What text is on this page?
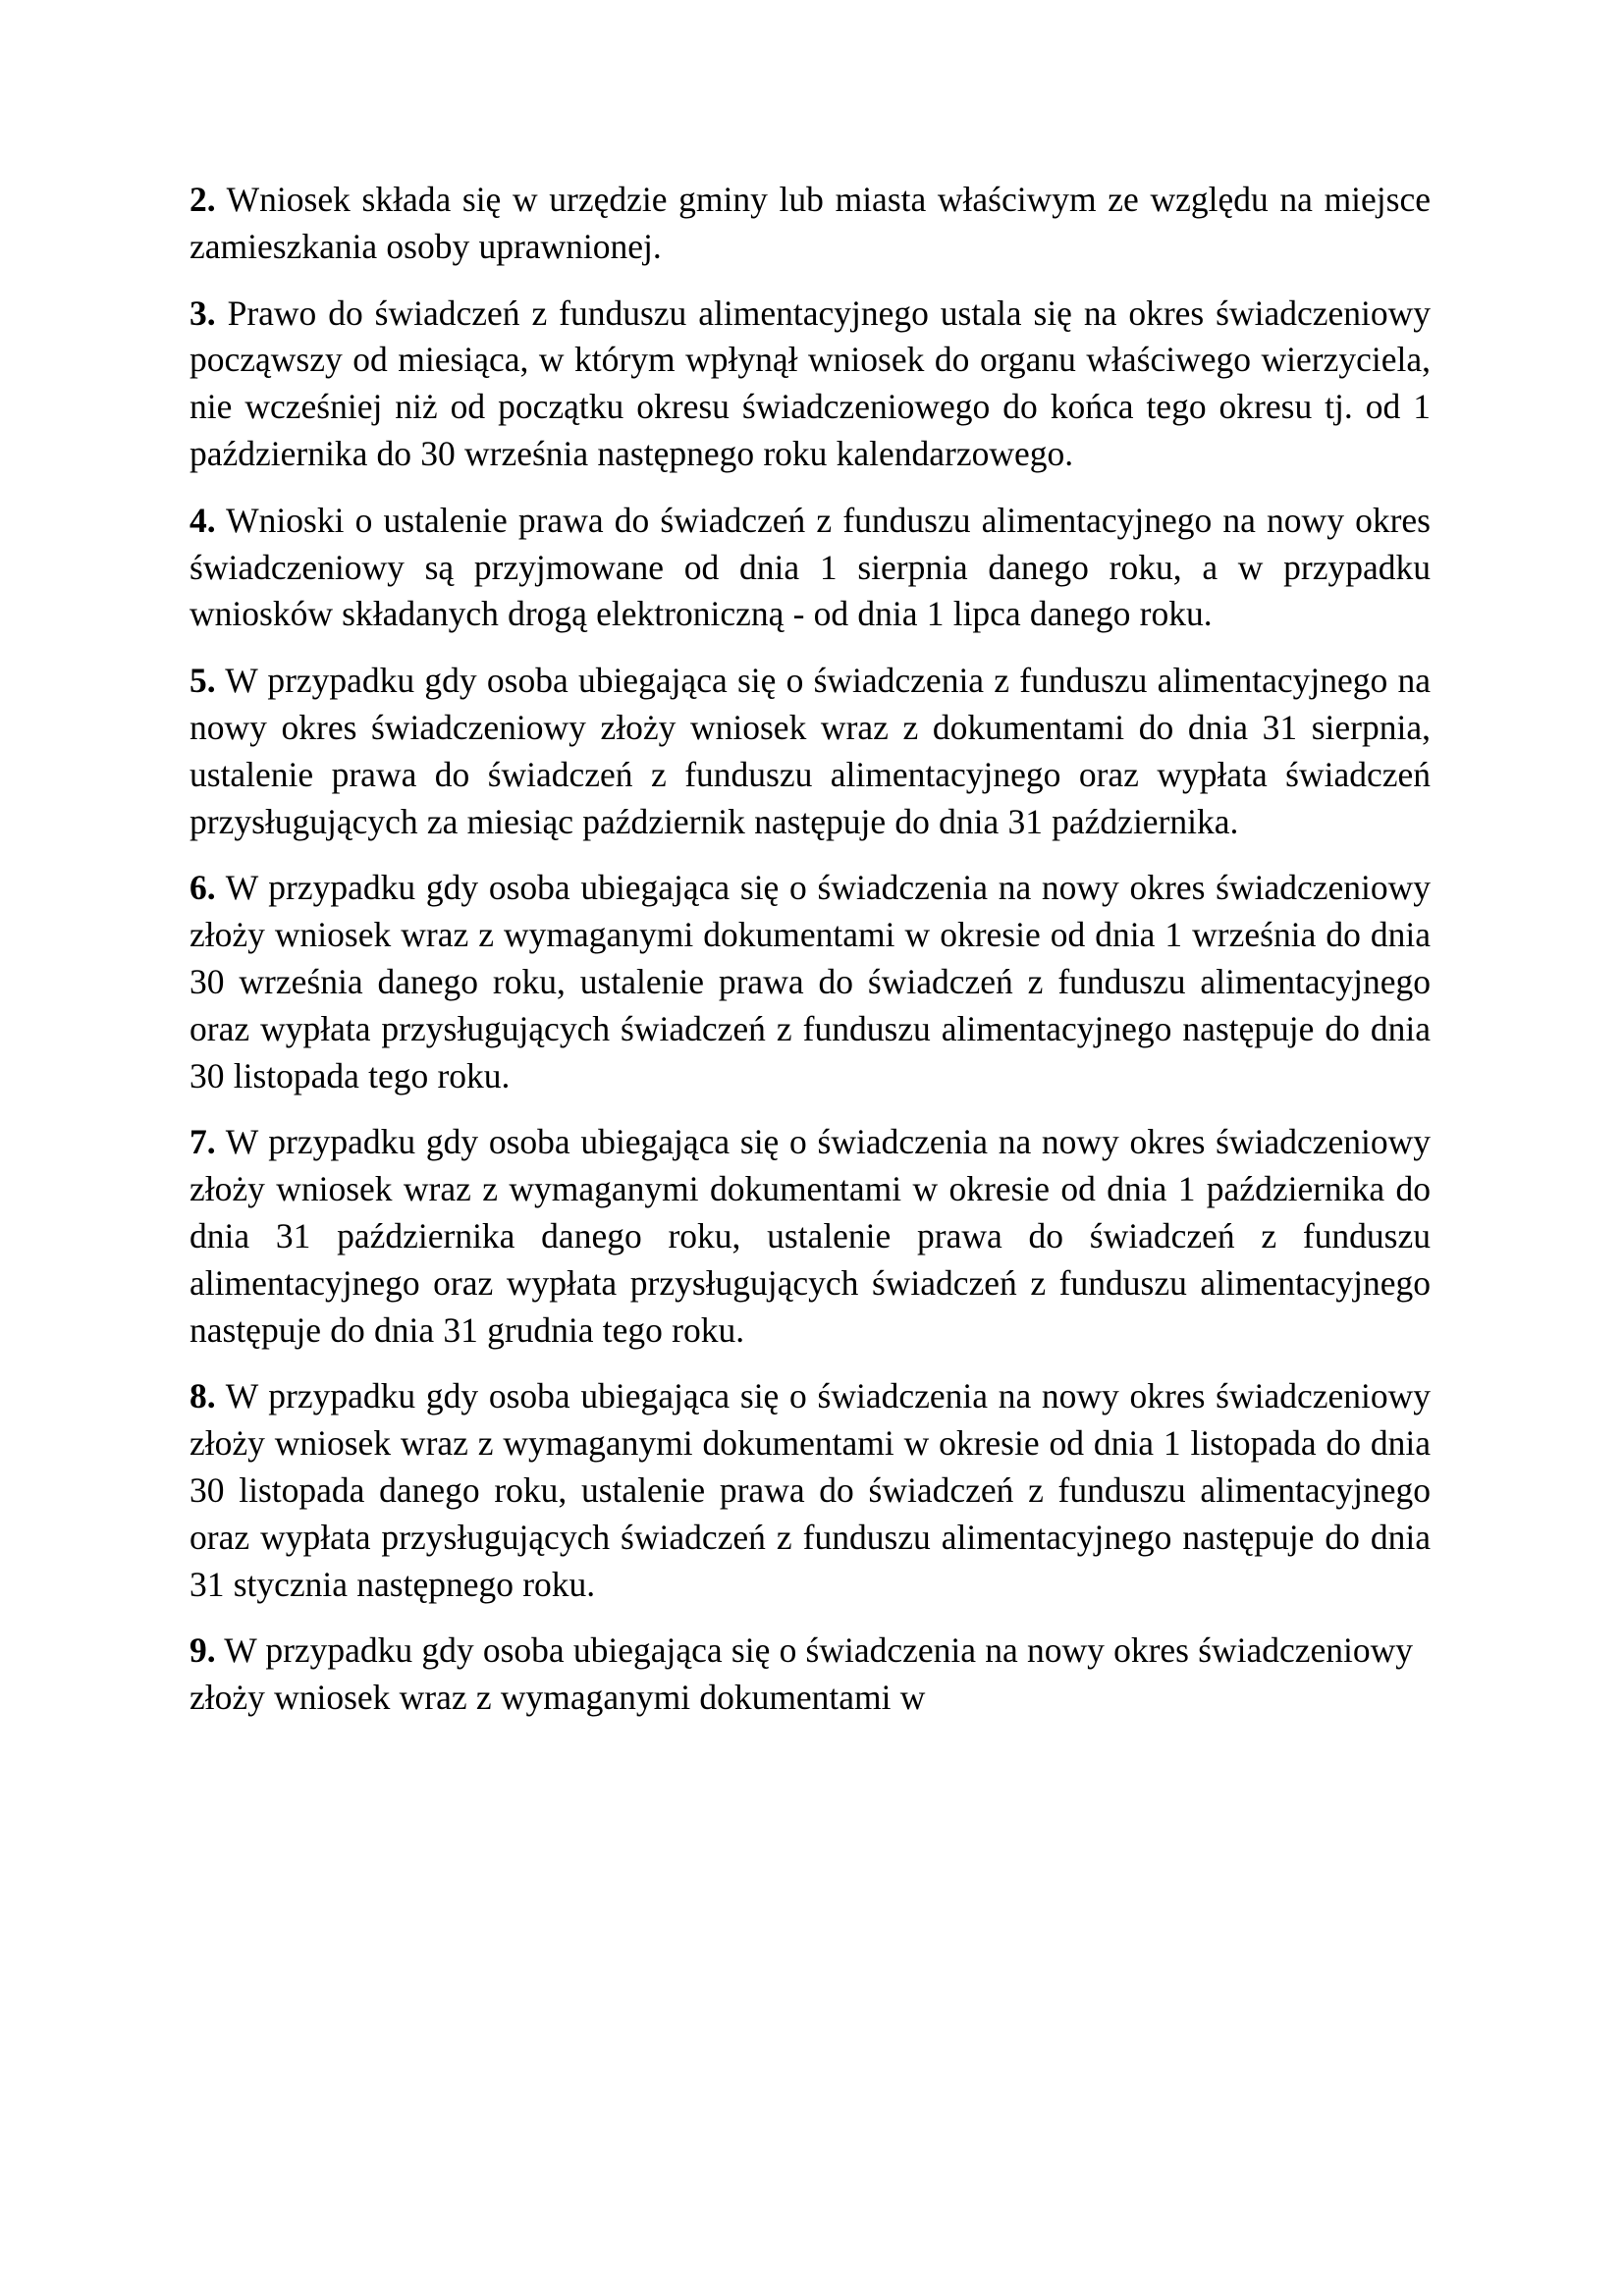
2. Wniosek składa się w urzędzie gminy lub miasta właściwym ze względu na miejsce zamieszkania osoby uprawnionej.

3. Prawo do świadczeń z funduszu alimentacyjnego ustala się na okres świadczeniowy począwszy od miesiąca, w którym wpłynął wniosek do organu właściwego wierzyciela, nie wcześniej niż od początku okresu świadczeniowego do końca tego okresu tj. od 1 października do 30 września następnego roku kalendarzowego.

4. Wnioski o ustalenie prawa do świadczeń z funduszu alimentacyjnego na nowy okres świadczeniowy są przyjmowane od dnia 1 sierpnia danego roku, a w przypadku wniosków składanych drogą elektroniczną - od dnia 1 lipca danego roku.

5. W przypadku gdy osoba ubiegająca się o świadczenia z funduszu alimentacyjnego na nowy okres świadczeniowy złoży wniosek wraz z dokumentami do dnia 31 sierpnia, ustalenie prawa do świadczeń z funduszu alimentacyjnego oraz wypłata świadczeń przysługujących za miesiąc październik następuje do dnia 31 października.

6. W przypadku gdy osoba ubiegająca się o świadczenia na nowy okres świadczeniowy złoży wniosek wraz z wymaganymi dokumentami w okresie od dnia 1 września do dnia 30 września danego roku, ustalenie prawa do świadczeń z funduszu alimentacyjnego oraz wypłata przysługujących świadczeń z funduszu alimentacyjnego następuje do dnia 30 listopada tego roku.

7. W przypadku gdy osoba ubiegająca się o świadczenia na nowy okres świadczeniowy złoży wniosek wraz z wymaganymi dokumentami w okresie od dnia 1 października do dnia 31 października danego roku, ustalenie prawa do świadczeń z funduszu alimentacyjnego oraz wypłata przysługujących świadczeń z funduszu alimentacyjnego następuje do dnia 31 grudnia tego roku.

8. W przypadku gdy osoba ubiegająca się o świadczenia na nowy okres świadczeniowy złoży wniosek wraz z wymaganymi dokumentami w okresie od dnia 1 listopada do dnia 30 listopada danego roku, ustalenie prawa do świadczeń z funduszu alimentacyjnego oraz wypłata przysługujących świadczeń z funduszu alimentacyjnego następuje do dnia 31 stycznia następnego roku.

9. W przypadku gdy osoba ubiegająca się o świadczenia na nowy okres świadczeniowy złoży wniosek wraz z wymaganymi dokumentami w
